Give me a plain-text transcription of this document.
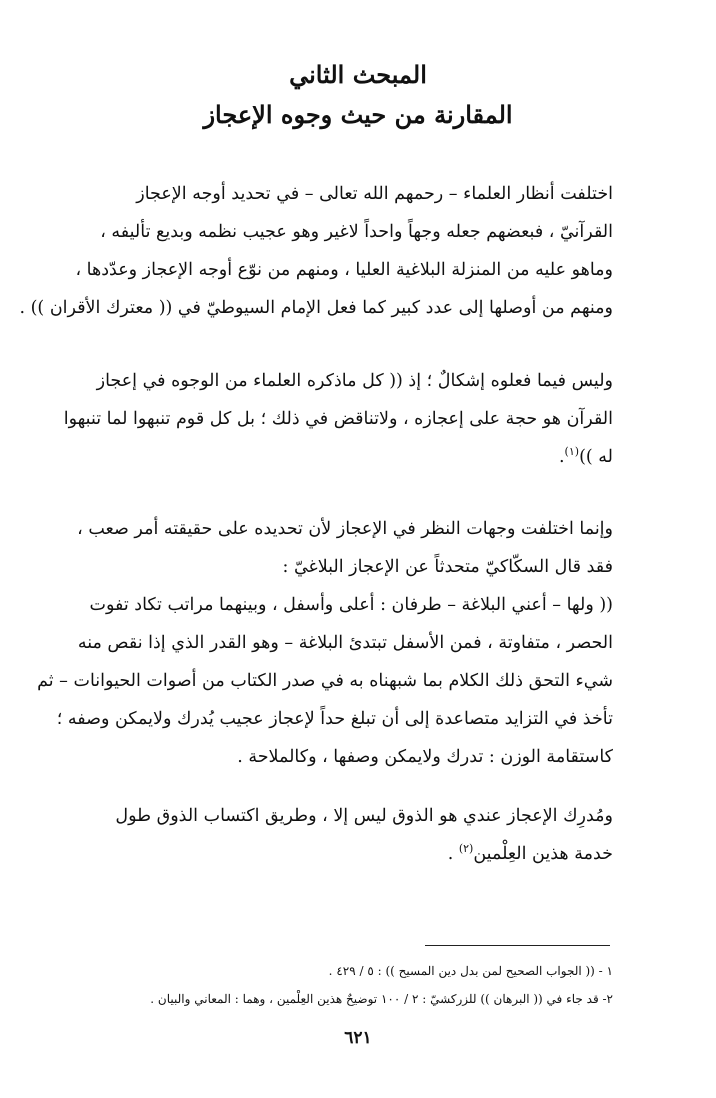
المبحث الثاني
المقارنة من حيث وجوه الإعجاز
اختلفت أنظار العلماء – رحمهم الله تعالى – في تحديد أوجه الإعجاز
القرآنيّ ، فبعضهم جعله وجهاً واحداً لاغير وهو عجيب نظمه وبديع تأليفه ،
وماهو عليه من المنزلة البلاغية العليا ، ومنهم من نوّع أوجه الإعجاز وعدّدها ،
ومنهم من أوصلها إلى عدد كبير كما فعل الإمام السيوطيّ في (( معترك الأقران )) .
وليس فيما فعلوه إشكالٌ ؛ إذ (( كل ماذكره العلماء من الوجوه في إعجاز
القرآن هو حجة على إعجازه ، ولاتناقض في ذلك ؛ بل كل قوم تنبهوا لما تنبهوا
له ))$^{(١)}$.
وإنما اختلفت وجهات النظر في الإعجاز لأن تحديده على حقيقته أمر صعب ،
فقد قال السكّاكيّ متحدثاً عن الإعجاز البلاغيّ :
(( ولها – أعني البلاغة – طرفان : أعلى وأسفل ، وبينهما مراتب تكاد تفوت
الحصر ، متفاوتة ، فمن الأسفل تبتدئ البلاغة – وهو القدر الذي إذا نقص منه
شيء التحق ذلك الكلام بما شبهناه به في صدر الكتاب من أصوات الحيوانات – ثم
تأخذ في التزايد متصاعدة إلى أن تبلغ حداً لإعجاز عجيب يُدرك ولايمكن وصفه ؛
كاستقامة الوزن : تدرك ولايمكن وصفها ، وكالملاحة .
ومُدرِك الإعجاز عندي هو الذوق ليس إلا ، وطريق اكتساب الذوق طول
خدمة هذين العِلْمين$^{(٢)}$ .
١ - (( الجواب الصحيح لمن بدل دين المسيح )) : ٥ / ٤٢٩ .
٢- قد جاء في (( البرهان )) للزركشيّ : ٢ / ١٠٠ توضيحٌ هذين العِلْمين ، وهما : المعاني والبيان .
٦٢١
